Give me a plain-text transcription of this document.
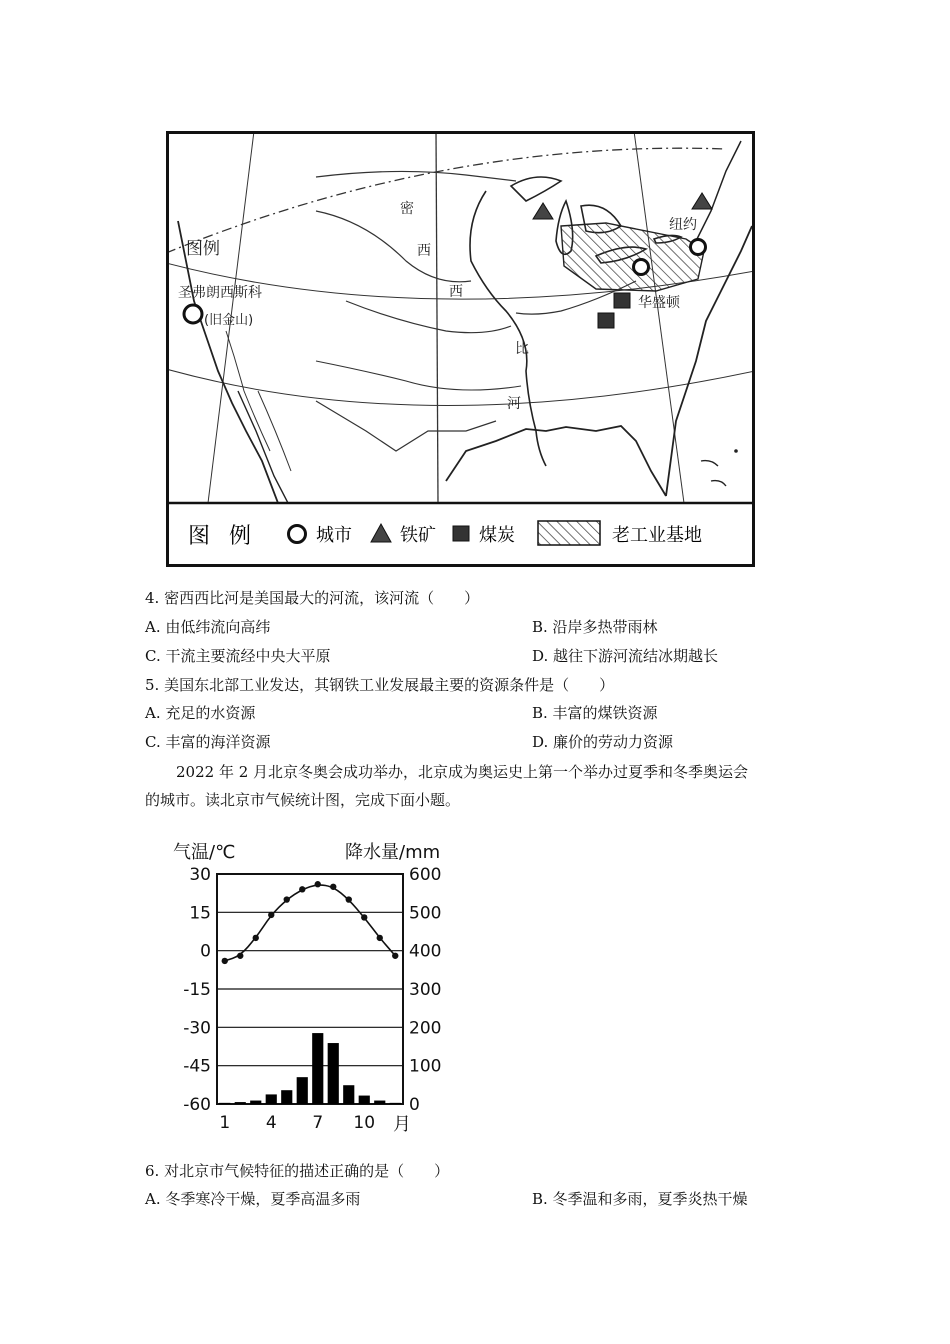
图例
圣弗朗西斯科
(旧金山)
纽约
华盛顿
密
西
西
比
河
图 例	城市	铁矿 煤炭	老工业基地
4. 密西西比河是美国最大的河流，该河流（　　）
A. 由低纬流向高纬	B. 沿岸多热带雨林
C. 干流主要流经中央大平原	D. 越往下游河流结冰期越长
5. 美国东北部工业发达，其钢铁工业发展最主要的资源条件是（　　）
A. 充足的水资源	B. 丰富的煤铁资源
C. 丰富的海洋资源	D. 廉价的劳动力资源
2022 年 2 月北京冬奥会成功举办，北京成为奥运史上第一个举办过夏季和冬季奥运会
的城市。读北京市气候统计图，完成下面小题。
气温/℃	降水量/mm
30
15
0
-15
-30
-45
-60
600
500
400
300
200
100
0
1 4 7 10 月
6. 对北京市气候特征的描述正确的是（　　）
A. 冬季寒冷干燥，夏季高温多雨	B. 冬季温和多雨，夏季炎热干燥
